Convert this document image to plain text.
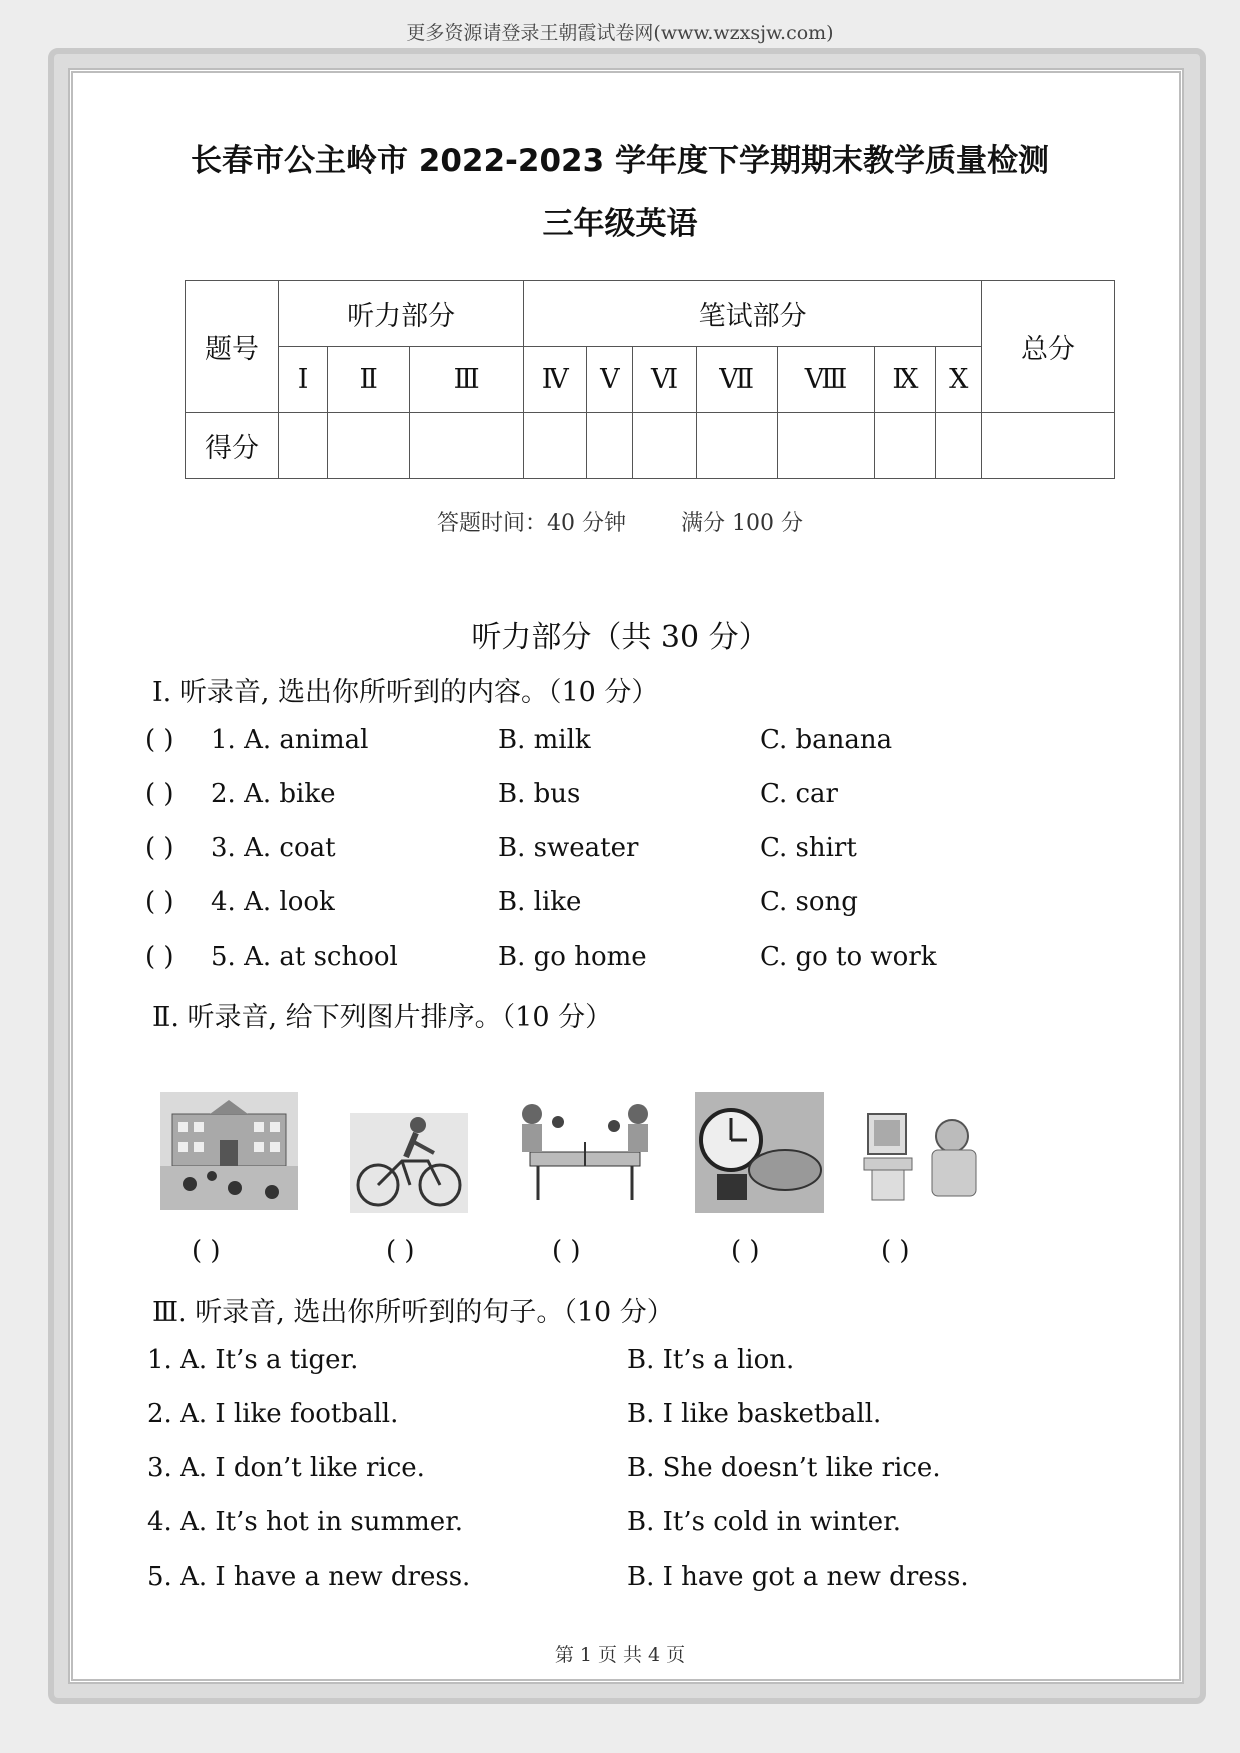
更多资源请登录王朝霞试卷网(www.wzxsjw.com)
长春市公主岭市 2022-2023 学年度下学期期末教学质量检测
三年级英语
题号	听力部分			笔试部分							总分
	Ⅰ	Ⅱ	Ⅲ	Ⅳ	Ⅴ	Ⅵ	Ⅶ	Ⅷ	Ⅸ	Ⅹ	
得分											
答题时间：40 分钟	满分 100 分
听力部分（共 30 分）
Ⅰ. 听录音, 选出你所听到的内容。（10 分）
( ) 1. A. animal	B. milk	C. banana
( ) 2. A. bike	B. bus	C. car
( ) 3. A. coat	B. sweater	C. shirt
( ) 4. A. look	B. like	C. song
( ) 5. A. at school	B. go home	C. go to work
Ⅱ. 听录音, 给下列图片排序。（10 分）
( )	( )	( )	( )	( )
Ⅲ. 听录音, 选出你所听到的句子。（10 分）
1. A. It’s a tiger.	B. It’s a lion.
2. A. I like football.	B. I like basketball.
3. A. I don’t like rice.	B. She doesn’t like rice.
4. A. It’s hot in summer.	B. It’s cold in winter.
5. A. I have a new dress.	B. I have got a new dress.
第 1 页 共 4 页
